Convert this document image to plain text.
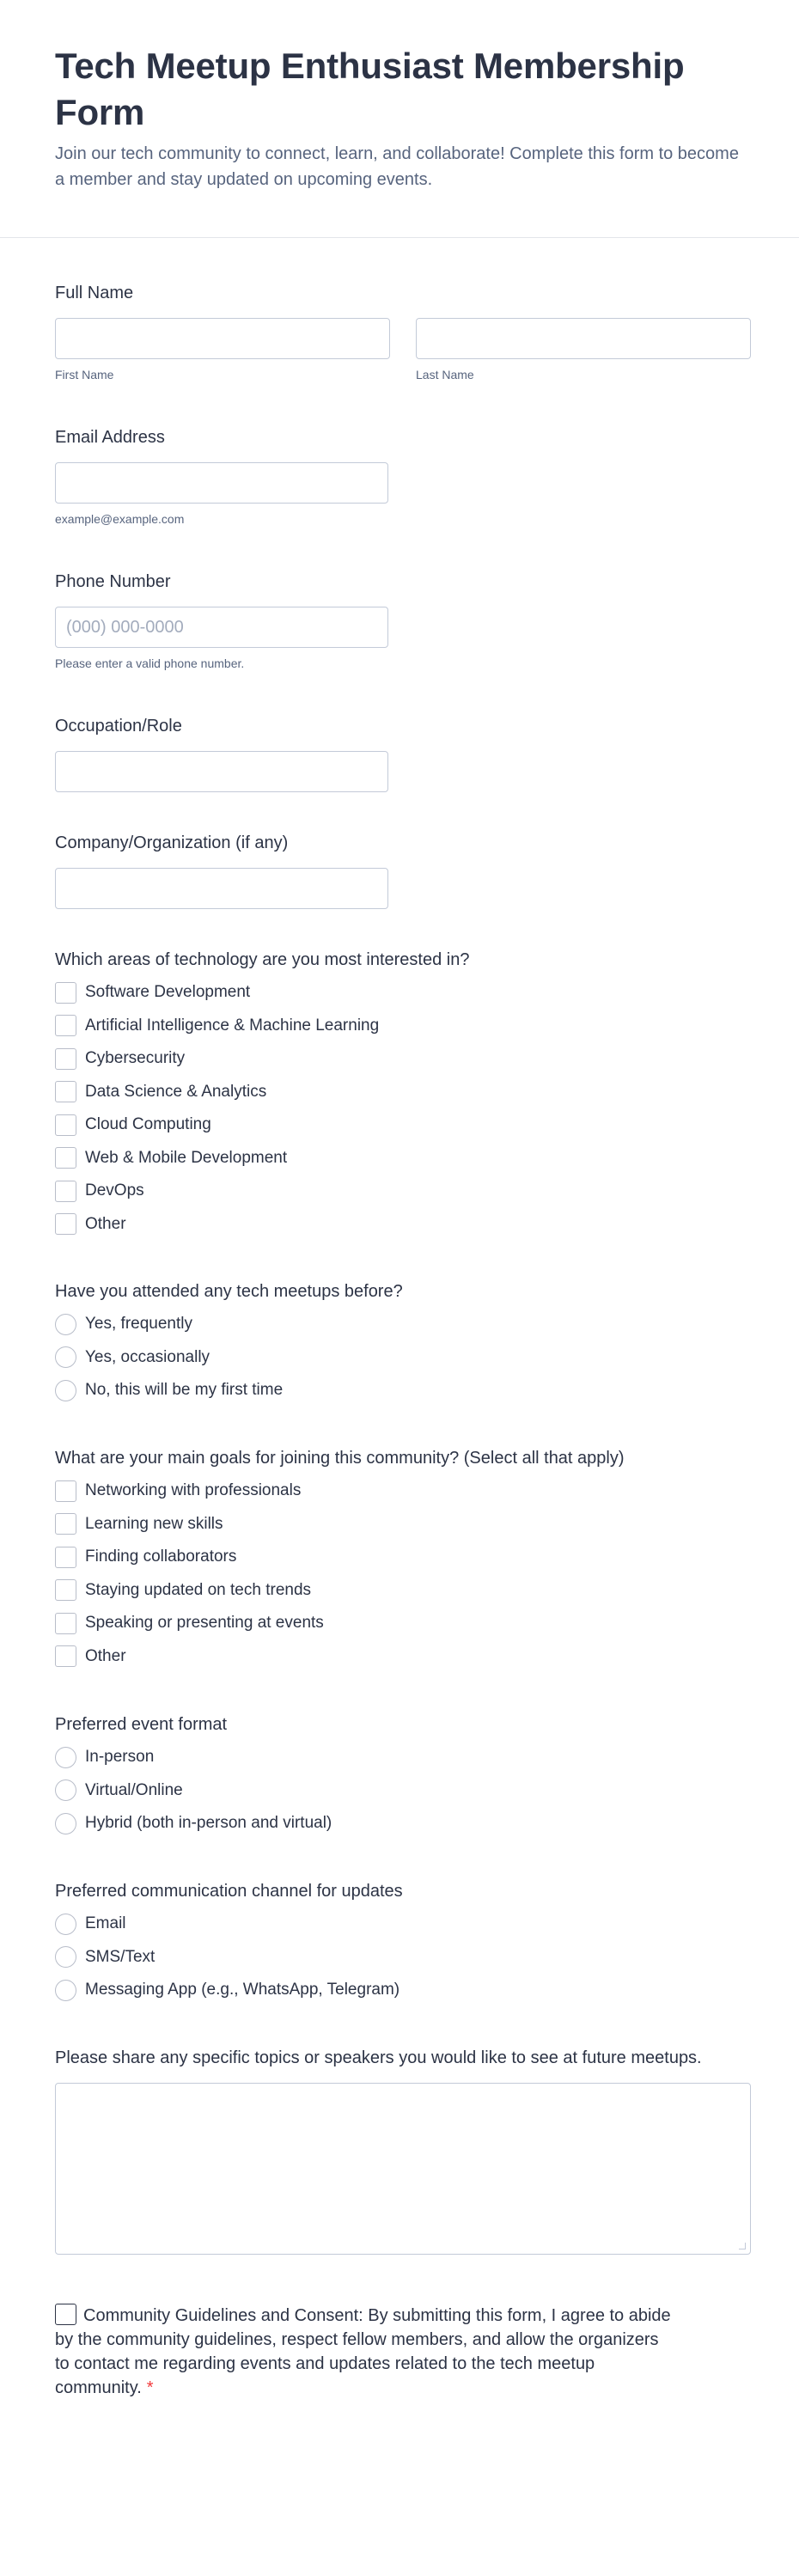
Tech Meetup Enthusiast Membership Form

Join our tech community to connect, learn, and collaborate! Complete this form to become a member and stay updated on upcoming events.

Full Name
First Name	Last Name
Email Address
example@example.com
Phone Number
(000) 000-0000
Please enter a valid phone number.
Occupation/Role
Company/Organization (if any)
Which areas of technology are you most interested in?
Software Development
Artificial Intelligence & Machine Learning
Cybersecurity
Data Science & Analytics
Cloud Computing
Web & Mobile Development
DevOps
Other
Have you attended any tech meetups before?
Yes, frequently
Yes, occasionally
No, this will be my first time
What are your main goals for joining this community? (Select all that apply)
Networking with professionals
Learning new skills
Finding collaborators
Staying updated on tech trends
Speaking or presenting at events
Other
Preferred event format
In-person
Virtual/Online
Hybrid (both in-person and virtual)
Preferred communication channel for updates
Email
SMS/Text
Messaging App (e.g., WhatsApp, Telegram)
Please share any specific topics or speakers you would like to see at future meetups.
Community Guidelines and Consent: By submitting this form, I agree to abide by the community guidelines, respect fellow members, and allow the organizers to contact me regarding events and updates related to the tech meetup community. *
